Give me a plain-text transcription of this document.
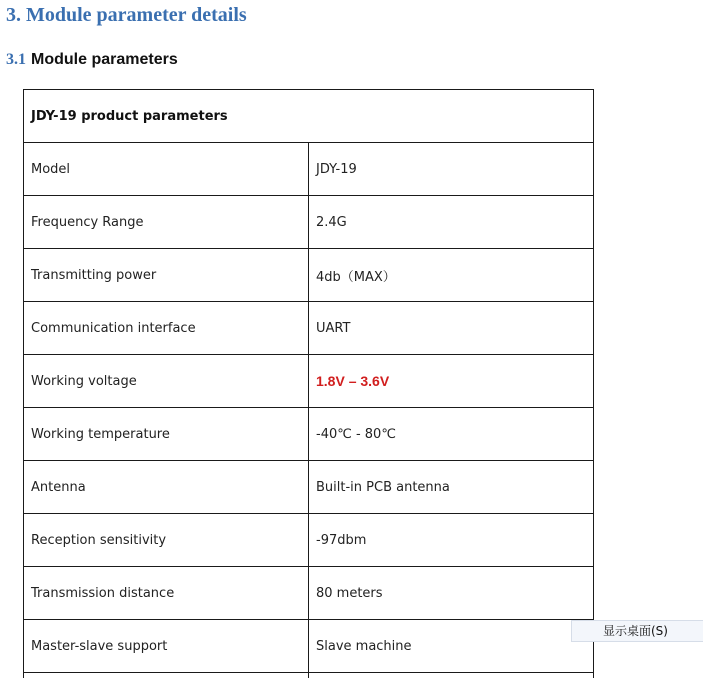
3. Module parameter details
3.1 Module parameters
JDY-19 product parameters	
Model	JDY-19
Frequency Range	2.4G
Transmitting power	4db（MAX）
Communication interface	UART
Working voltage	1.8V – 3.6V
Working temperature	-40℃ - 80℃
Antenna	Built-in PCB antenna
Reception sensitivity	-97dbm
Transmission distance	80 meters
Master-slave support	Slave machine

显示桌面(S)
